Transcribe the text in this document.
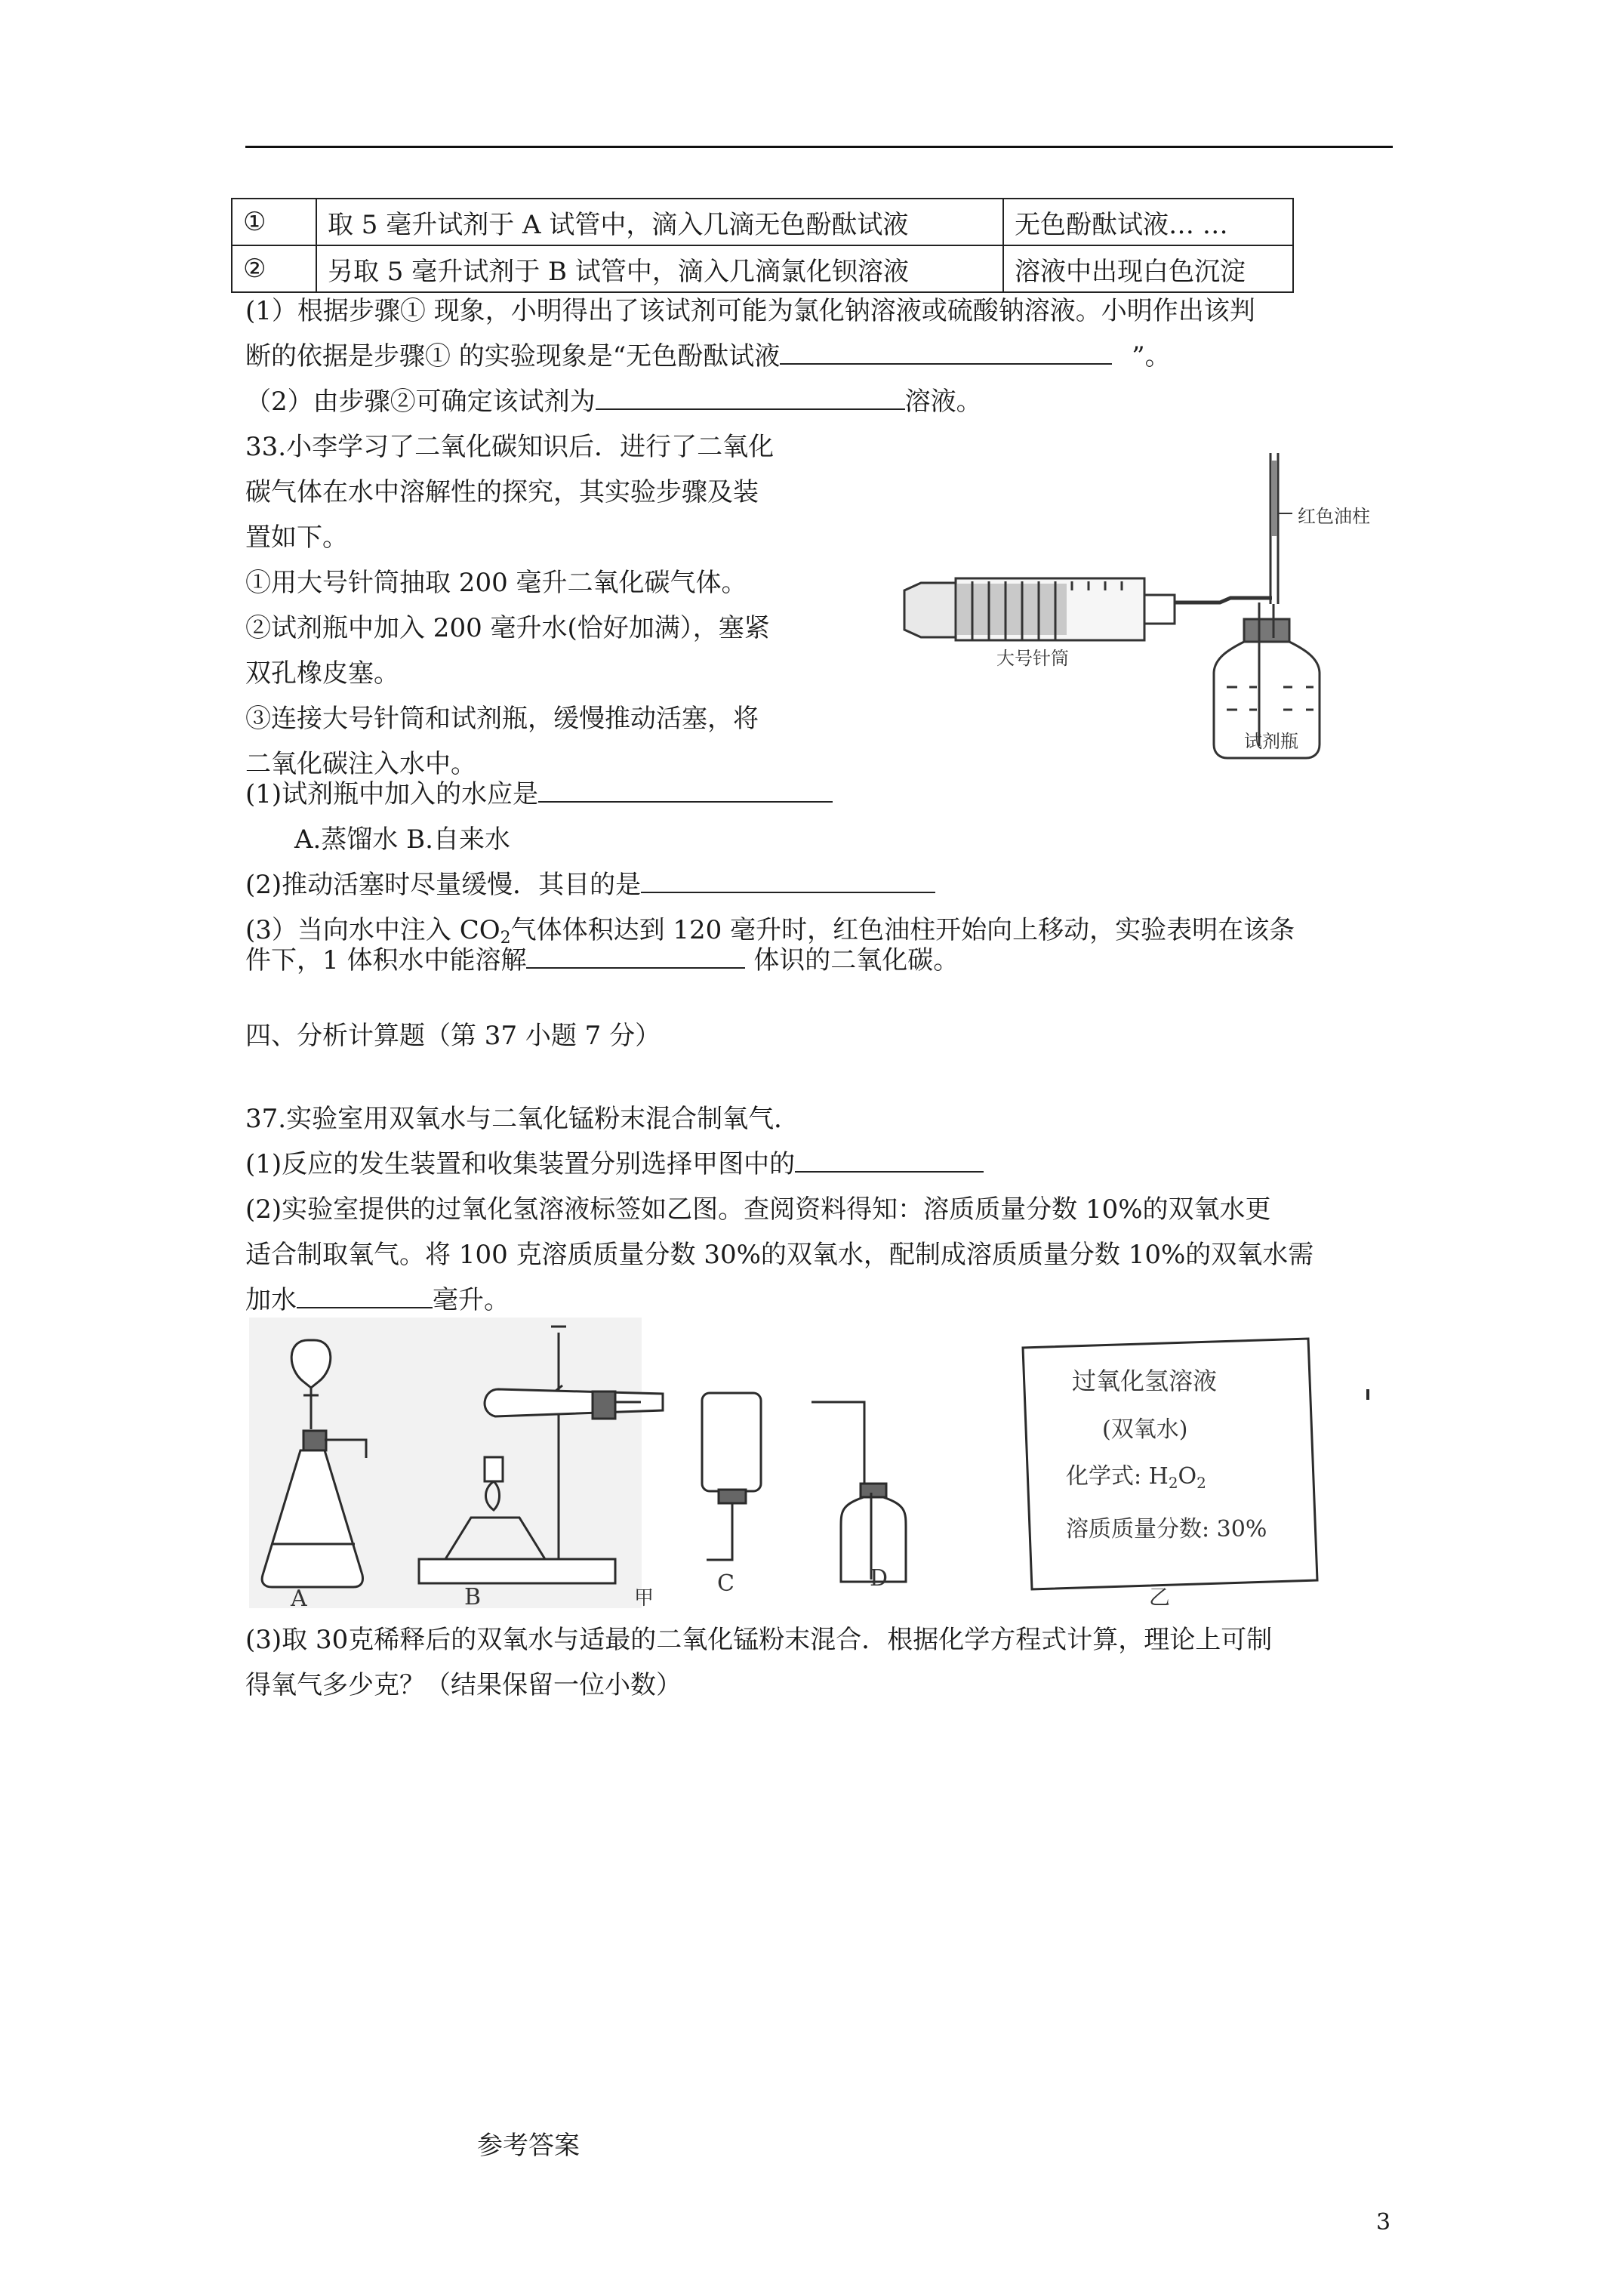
①	取 5 毫升试剂于 A 试管中，滴入几滴无色酚酞试液	无色酚酞试液… …
②	另取 5 毫升试剂于 B 试管中，滴入几滴氯化钡溶液	溶液中出现白色沉淀
(1）根据步骤① 现象，小明得出了该试剂可能为氯化钠溶液或硫酸钠溶液。小明作出该判
断的依据是步骤① 的实验现象是“无色酚酞试液	”。
（2）由步骤②可确定该试剂为	溶液。
33.小李学习了二氧化碳知识后．进行了二氧化
碳气体在水中溶解性的探究，其实验步骤及装
置如下。
①用大号针筒抽取 200 毫升二氧化碳气体。
②试剂瓶中加入 200 毫升水(恰好加满），塞紧
双孔橡皮塞。
③连接大号针筒和试剂瓶，缓慢推动活塞，将
二氧化碳注入水中。
(1)试剂瓶中加入的水应是
A.蒸馏水 B.自来水
(2)推动活塞时尽量缓慢．其目的是
(3）当向水中注入 $CO_2$气体体积达到 120 毫升时，红色油柱开始向上移动，实验表明在该条
件下，1 体积水中能溶解	体识的二氧化碳。
红色油柱
大号针筒
试剂瓶
四、分析计算题（第 37 小题 7 分）
37.实验室用双氧水与二氧化锰粉末混合制氧气．
(1)反应的发生装置和收集装置分别选择甲图中的
(2)实验室提供的过氧化氢溶液标签如乙图。查阅资料得知：溶质质量分数 10%的双氧水更
适合制取氧气。将 100 克溶质质量分数 30%的双氧水，配制成溶质质量分数 10%的双氧水需
加水	毫升。
A	B
C	D
甲	乙
过氧化氢溶液
(双氧水)
化学式: $H_2O_2$
溶质质量分数: 30%
(3)取 30克稀释后的双氧水与适最的二氧化锰粉末混合．根据化学方程式计算，理论上可制
得氧气多少克？（结果保留一位小数）
参考答案
3
